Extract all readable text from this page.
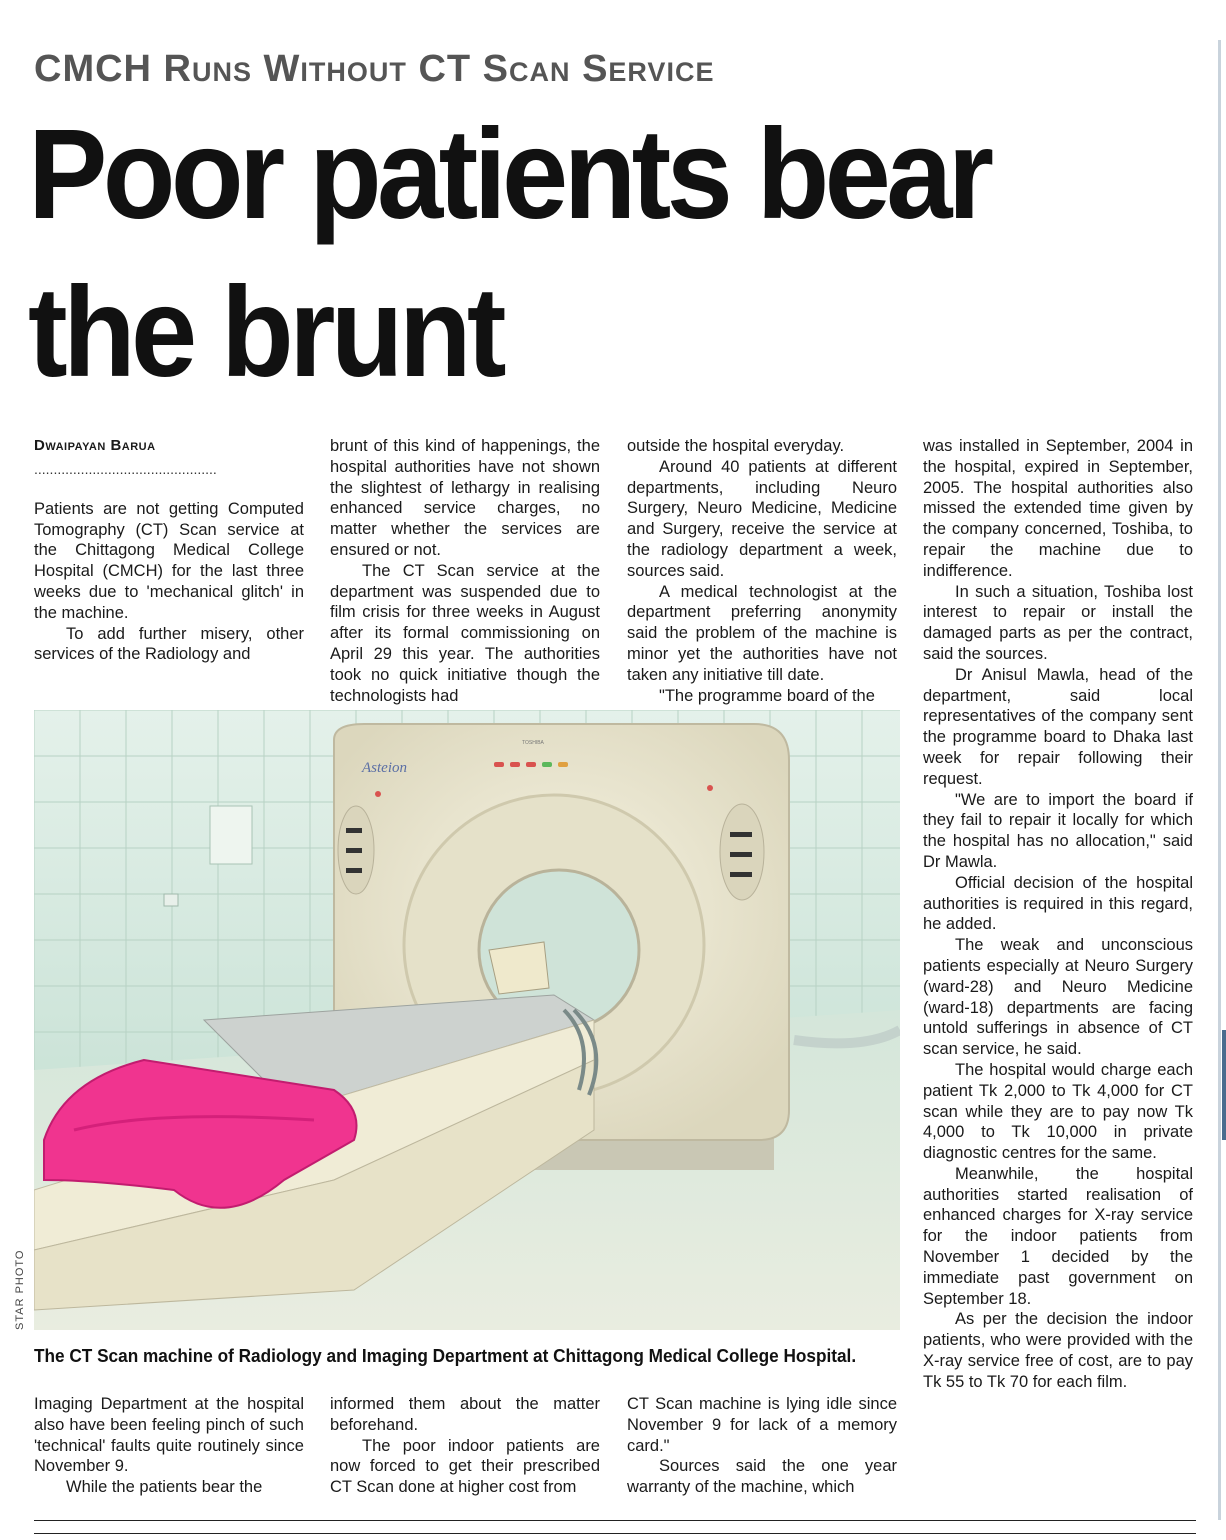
CMCH Runs Without CT Scan Service
Poor patients bear
the brunt
Dwaipayan Barua
...............................................

Patients are not getting Computed Tomography (CT) Scan service at the Chittagong Medical College Hospital (CMCH) for the last three weeks due to 'mechanical glitch' in the machine.

To add further misery, other services of the Radiology and

brunt of this kind of happenings, the hospital authorities have not shown the slightest of lethargy in realising enhanced service charges, no matter whether the services are ensured or not.

The CT Scan service at the department was suspended due to film crisis for three weeks in August after its formal commissioning on April 29 this year. The authorities took no quick initiative though the technologists had

outside the hospital everyday.

Around 40 patients at different departments, including Neuro Surgery, Neuro Medicine, Medicine and Surgery, receive the service at the radiology department a week, sources said.

A medical technologist at the department preferring anonymity said the problem of the machine is minor yet the authorities have not taken any initiative till date.

"The programme board of the

was installed in September, 2004 in the hospital, expired in September, 2005. The hospital authorities also missed the extended time given by the company concerned, Toshiba, to repair the machine due to indifference.

In such a situation, Toshiba lost interest to repair or install the damaged parts as per the contract, said the sources.

Dr Anisul Mawla, head of the department, said local representatives of the company sent the programme board to Dhaka last week for repair following their request.

"We are to import the board if they fail to repair it locally for which the hospital has no allocation," said Dr Mawla.

Official decision of the hospital authorities is required in this regard, he added.

The weak and unconscious patients especially at Neuro Surgery (ward-28) and Neuro Medicine (ward-18) departments are facing untold sufferings in absence of CT scan service, he said.

The hospital would charge each patient Tk 2,000 to Tk 4,000 for CT scan while they are to pay now Tk 4,000 to Tk 10,000 in private diagnostic centres for the same.

Meanwhile, the hospital authorities started realisation of enhanced charges for X-ray service for the indoor patients from November 1 decided by the immediate past government on September 18.

As per the decision the indoor patients, who were provided with the X-ray service free of cost, are to pay Tk 55 to Tk 70 for each film.

Asteion
TOSHIBA
STAR PHOTO
The CT Scan machine of Radiology and Imaging Department at Chittagong Medical College Hospital.

Imaging Department at the hospital also have been feeling pinch of such 'technical' faults quite routinely since November 9.

While the patients bear the

informed them about the matter beforehand.

The poor indoor patients are now forced to get their prescribed CT Scan done at higher cost from

CT Scan machine is lying idle since November 9 for lack of a memory card."

Sources said the one year warranty of the machine, which
